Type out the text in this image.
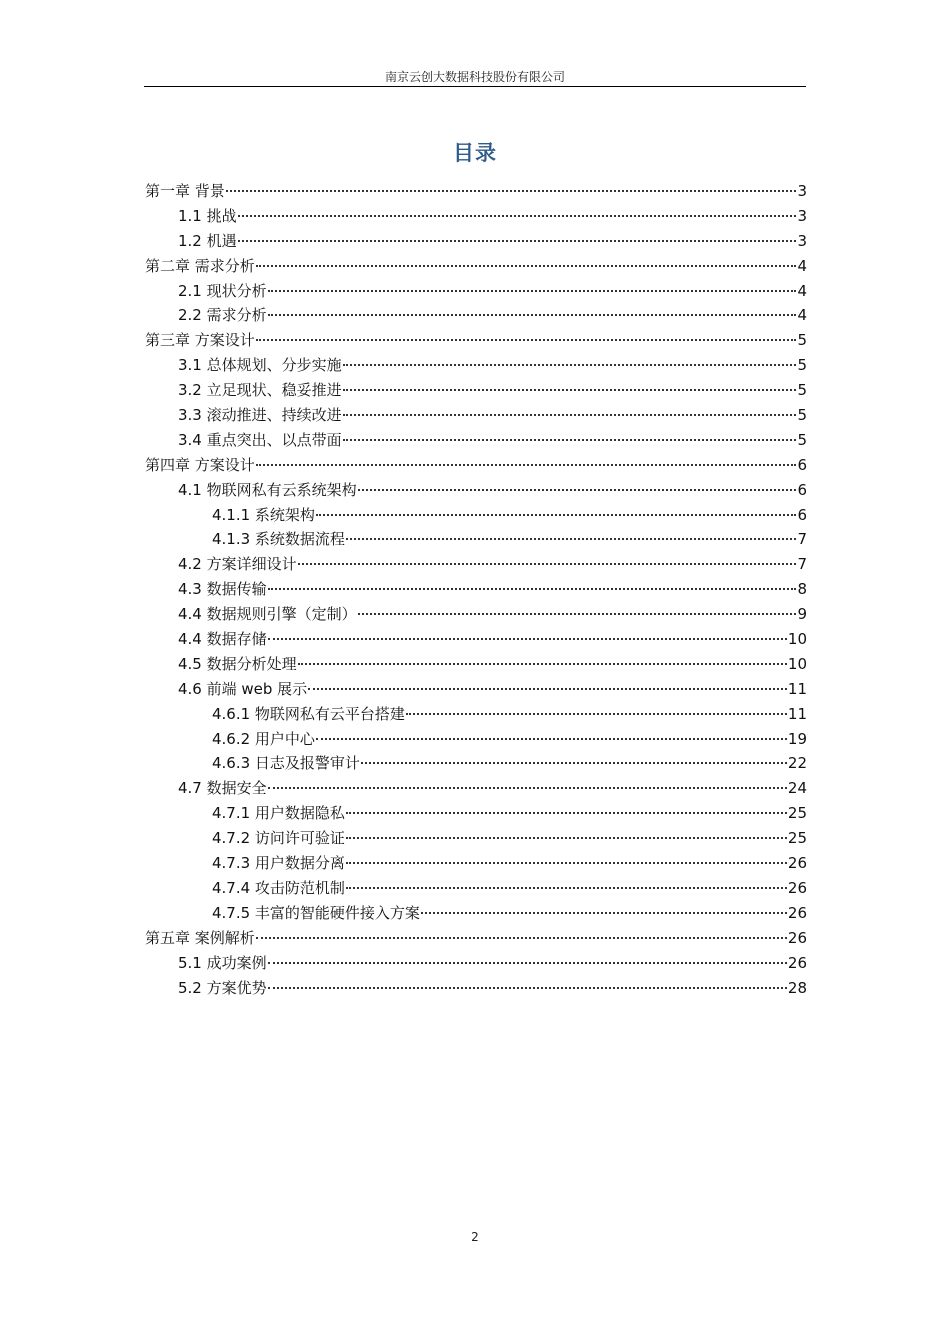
南京云创大数据科技股份有限公司
目录
第一章 背景	3
1.1 挑战	3
1.2 机遇	3
第二章 需求分析	4
2.1 现状分析	4
2.2 需求分析	4
第三章 方案设计	5
3.1 总体规划、分步实施	5
3.2 立足现状、稳妥推进	5
3.3 滚动推进、持续改进	5
3.4 重点突出、以点带面	5
第四章 方案设计	6
4.1 物联网私有云系统架构	6
4.1.1 系统架构	6
4.1.3 系统数据流程	7
4.2 方案详细设计	7
4.3 数据传输	8
4.4 数据规则引擎（定制）	9
4.4 数据存储	10
4.5 数据分析处理	10
4.6 前端 web 展示	11
4.6.1 物联网私有云平台搭建	11
4.6.2 用户中心	19
4.6.3 日志及报警审计	22
4.7 数据安全	24
4.7.1 用户数据隐私	25
4.7.2 访问许可验证	25
4.7.3 用户数据分离	26
4.7.4 攻击防范机制	26
4.7.5 丰富的智能硬件接入方案	26
第五章 案例解析	26
5.1 成功案例	26
5.2 方案优势	28
2
